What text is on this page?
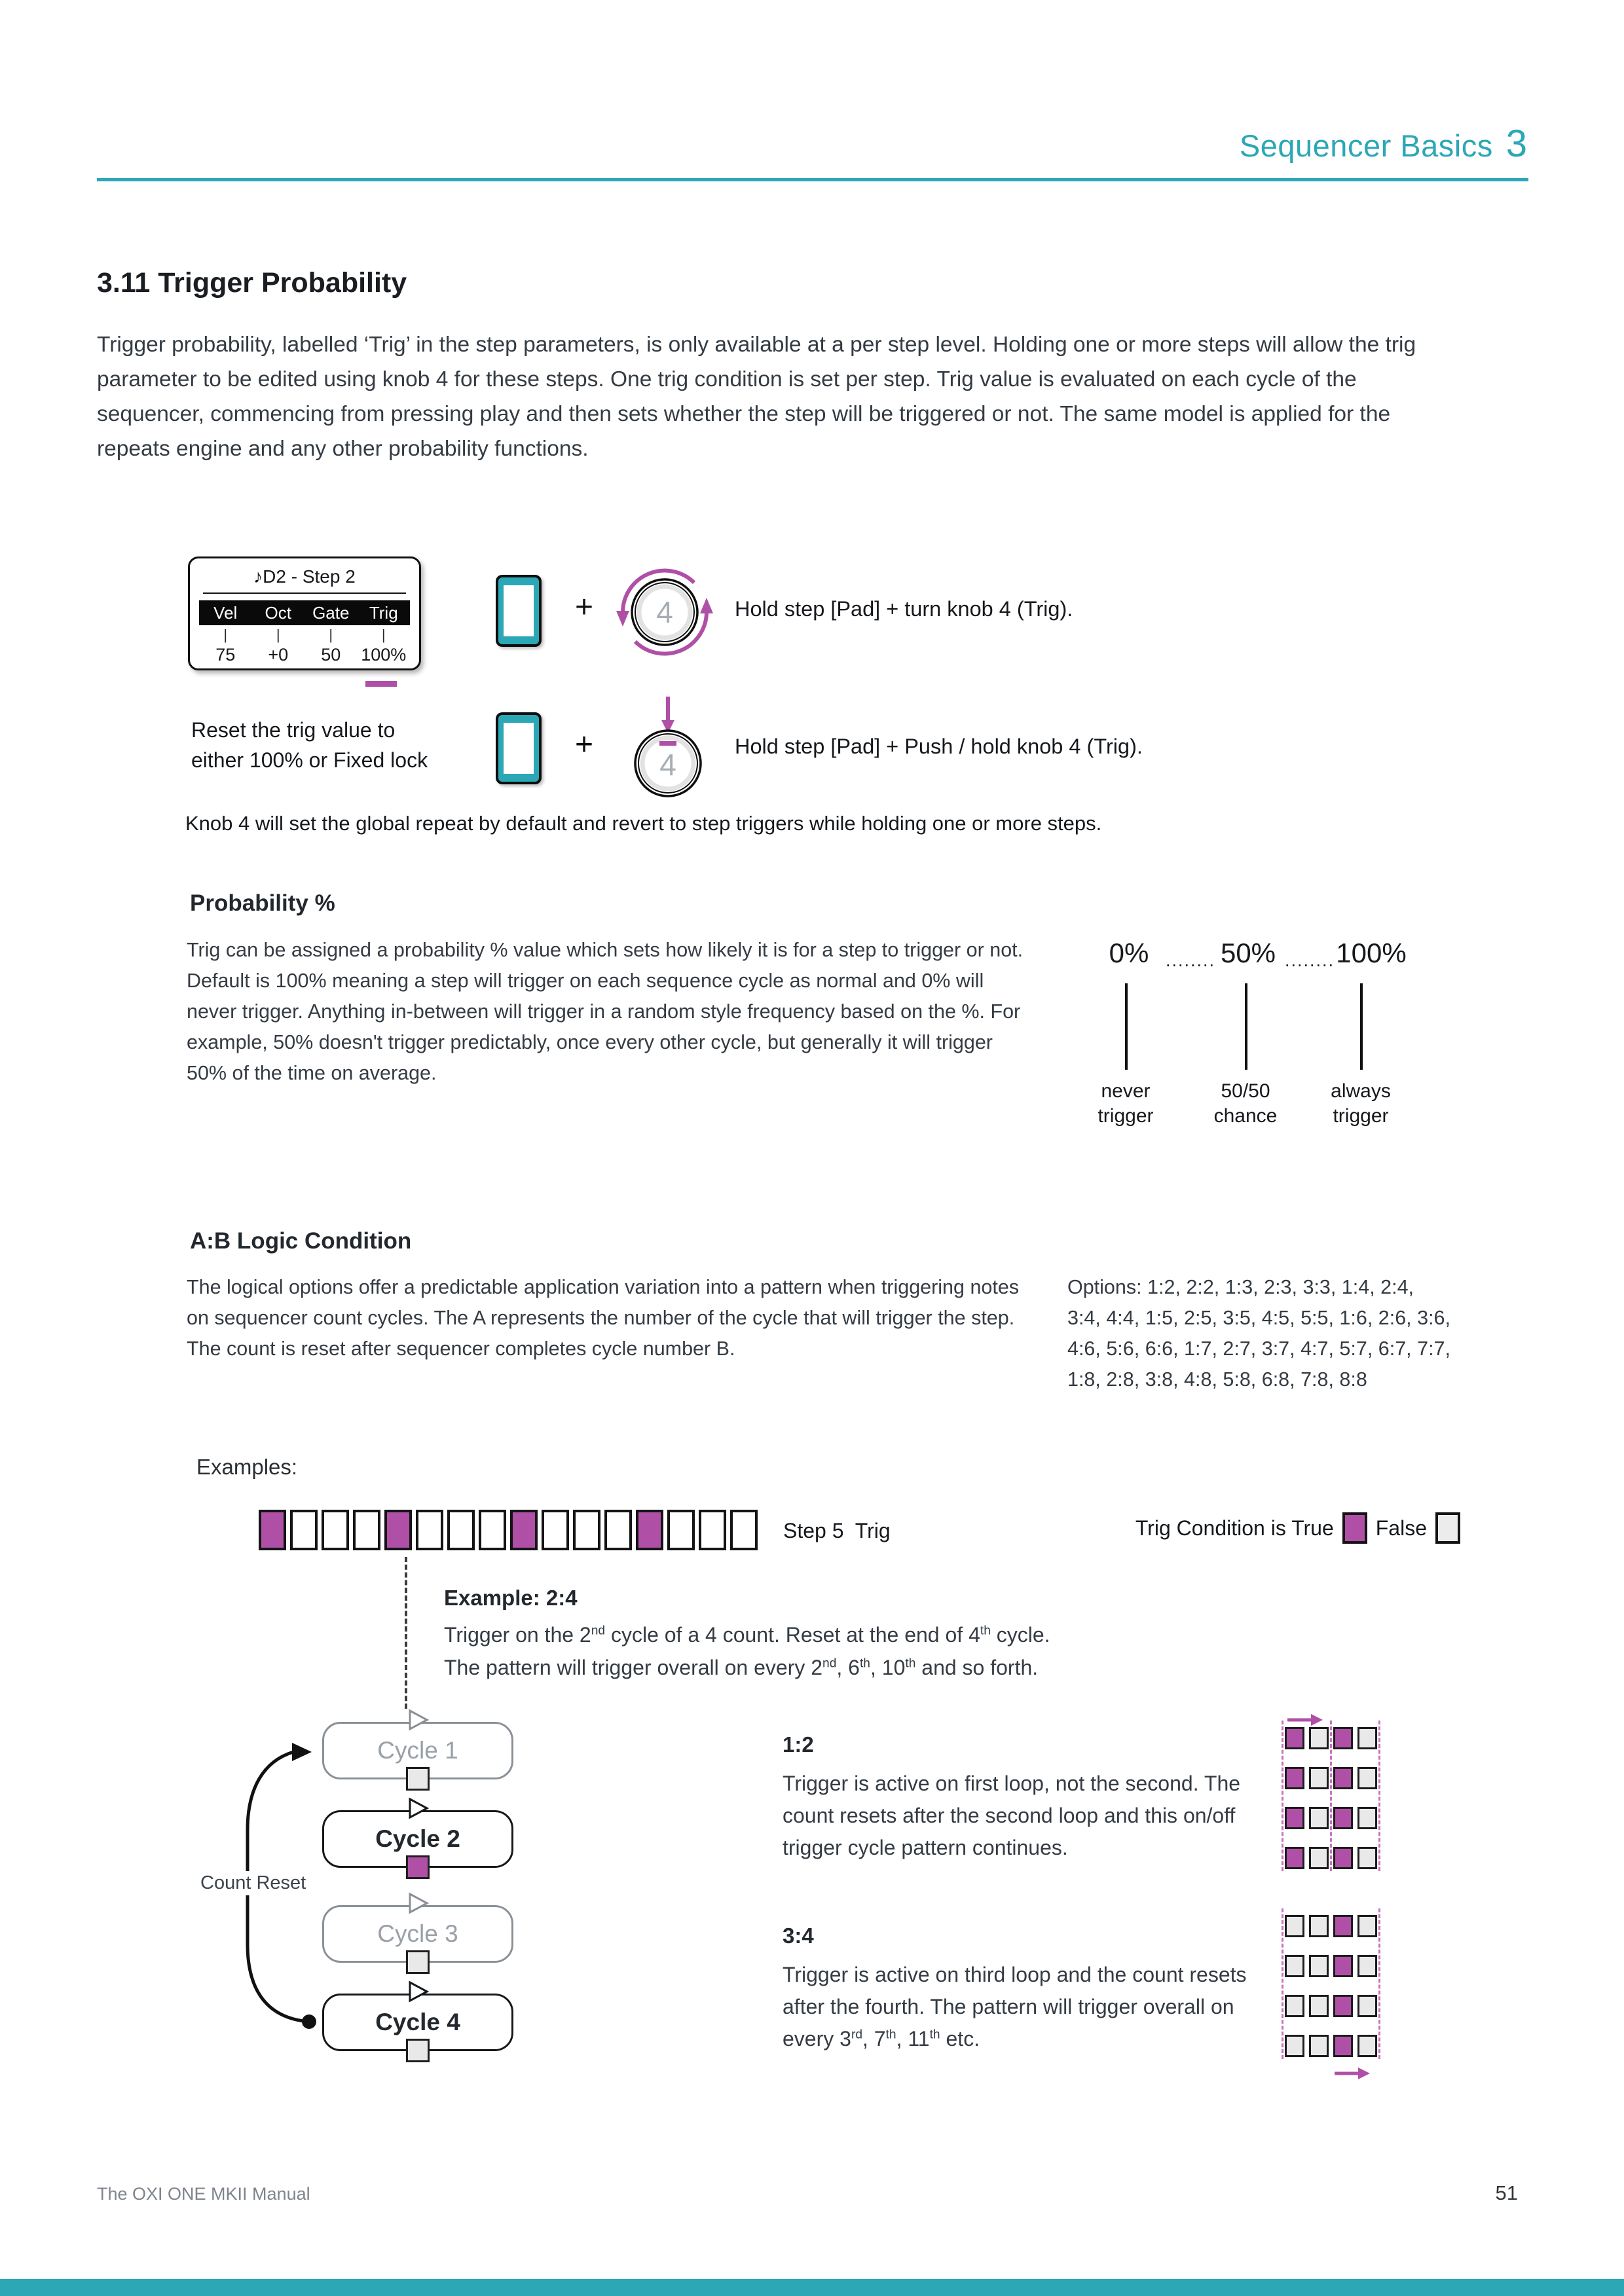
Sequencer Basics 3
3.11 Trigger Probability
Trigger probability, labelled ‘Trig’ in the step parameters, is only available at a per step level. Holding one or more steps will allow the trig parameter to be edited using knob 4 for these steps. One trig condition is set per step. Trig value is evaluated on each cycle of the sequencer, commencing from pressing play and then sets whether the step will be triggered or not. The same model is applied for the repeats engine and any other probability functions.
♪D2 - Step 2
Vel	Oct	Gate	Trig
|	|	|	|
75	+0	50	100%
+ 4	Hold step [Pad] + turn knob 4 (Trig).
Reset the trig value to
either 100% or Fixed lock	+
4
Hold step [Pad] + Push / hold knob 4 (Trig).
Knob 4 will set the global repeat by default and revert to step triggers while holding one or more steps.
Probability %
Trig can be assigned a probability % value which sets how likely it is for a step to trigger or not. Default is 100% meaning a step will trigger on each sequence cycle as normal and 0% will never trigger. Anything in-between will trigger in a random style frequency based on the %. For example, 50% doesn't trigger predictably, once every other cycle, but generally it will trigger 50% of the time on average.
0% ........ 50% ........ 100%
never
trigger
50/50
chance
always
trigger
A:B Logic Condition
The logical options offer a predictable application variation into a pattern when triggering notes on sequencer count cycles. The A represents the number of the cycle that will trigger the step. The count is reset after sequencer completes cycle number B.
Options: 1:2, 2:2, 1:3, 2:3, 3:3, 1:4, 2:4, 3:4, 4:4, 1:5, 2:5, 3:5, 4:5, 5:5, 1:6, 2:6, 3:6, 4:6, 5:6, 6:6, 1:7, 2:7, 3:7, 4:7, 5:7, 6:7, 7:7, 1:8, 2:8, 3:8, 4:8, 5:8, 6:8, 7:8, 8:8
Examples:
Step 5  Trig	Trig Condition is True False
Example: 2:4
Trigger on the 2nd cycle of a 4 count. Reset at the end of 4th cycle.
The pattern will trigger overall on every 2nd, 6th, 10th and so forth.
Cycle 1
Cycle 2
Cycle 3
Cycle 4
Count Reset
1:2
Trigger is active on first loop, not the second. The count resets after the second loop and this on/off trigger cycle pattern continues.
3:4
Trigger is active on third loop and the count resets after the fourth. The pattern will trigger overall on every 3rd, 7th, 11th etc.
The OXI ONE MKII Manual	51
